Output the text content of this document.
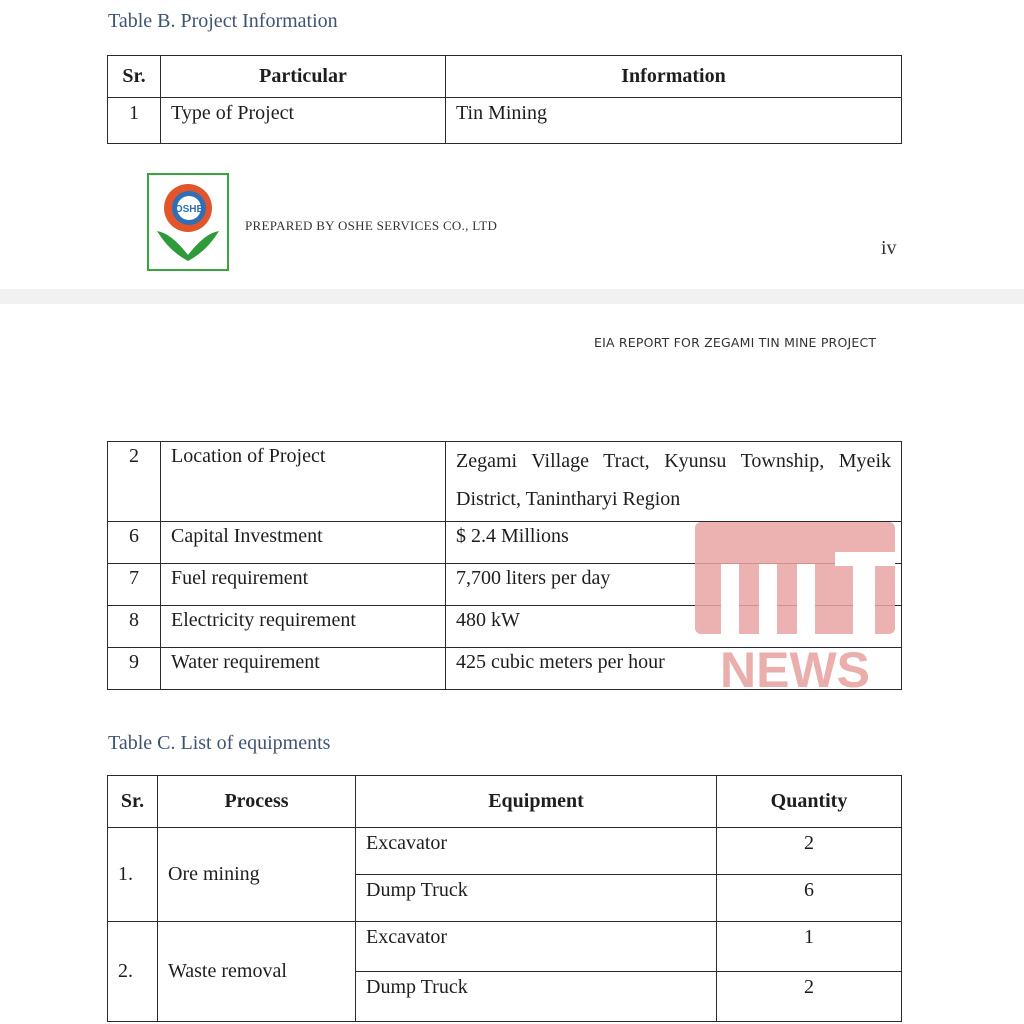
Table B. Project Information
Sr.	Particular	Information
1	Type of Project	Tin Mining
OSHE
PREPARED BY OSHE SERVICES CO., LTD
iv
EIA REPORT FOR ZEGAMI TIN MINE PROJECT
2	Location of Project	Zegami Village Tract, Kyunsu Township, Myeik District, Tanintharyi Region
6	Capital Investment	$ 2.4 Millions
7	Fuel requirement	7,700 liters per day
8	Electricity requirement	480 kW
9	Water requirement	425 cubic meters per hour NEWS
Table C. List of equipments
Sr.	Process	Equipment	Quantity
1.	Ore mining	Excavator	2
		Dump Truck	6
2.	Waste removal	Excavator	1
		Dump Truck	2
